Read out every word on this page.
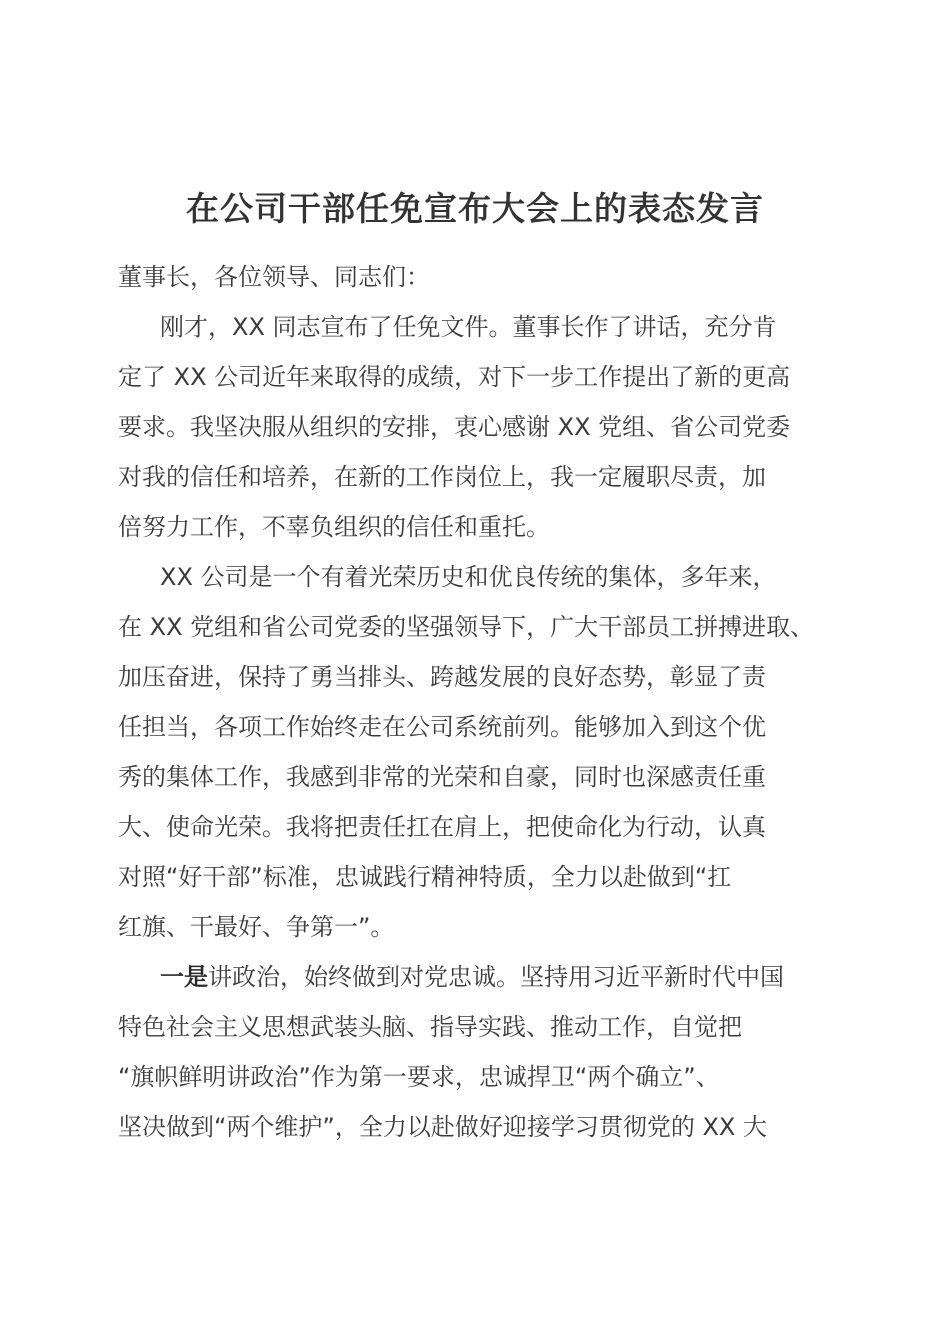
在公司干部任免宣布大会上的表态发言
董事长，各位领导、同志们：
刚才，XX 同志宣布了任免文件。董事长作了讲话，充分肯
定了 XX 公司近年来取得的成绩，对下一步工作提出了新的更高
要求。我坚决服从组织的安排，衷心感谢 XX 党组、省公司党委
对我的信任和培养，在新的工作岗位上，我一定履职尽责，加
倍努力工作，不辜负组织的信任和重托。
XX 公司是一个有着光荣历史和优良传统的集体，多年来，
在 XX 党组和省公司党委的坚强领导下，广大干部员工拼搏进取、
加压奋进，保持了勇当排头、跨越发展的良好态势，彰显了责
任担当，各项工作始终走在公司系统前列。能够加入到这个优
秀的集体工作，我感到非常的光荣和自豪，同时也深感责任重
大、使命光荣。我将把责任扛在肩上，把使命化为行动，认真
对照“好干部”标准，忠诚践行精神特质，全力以赴做到“扛
红旗、干最好、争第一”。
一是讲政治，始终做到对党忠诚。坚持用习近平新时代中国
特色社会主义思想武装头脑、指导实践、推动工作，自觉把
“旗帜鲜明讲政治”作为第一要求，忠诚捍卫“两个确立”、
坚决做到“两个维护”，全力以赴做好迎接学习贯彻党的 XX 大
